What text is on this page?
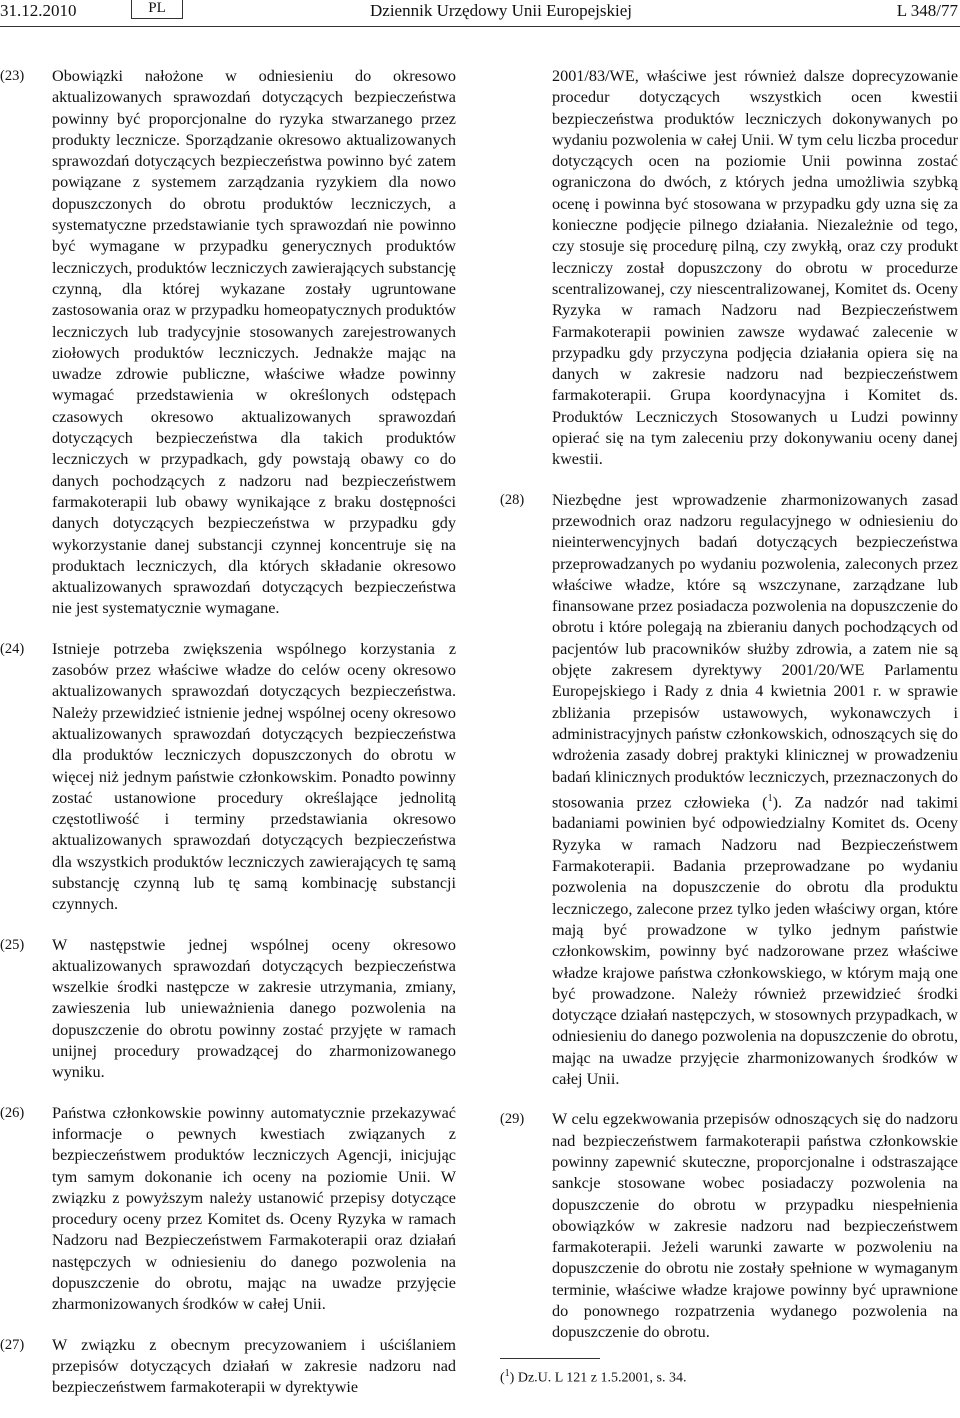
31.12.2010	PL	Dziennik Urzędowy Unii Europejskiej	L 348/77
(23) Obowiązki nałożone w odniesieniu do okresowo aktualizowanych sprawozdań dotyczących bezpieczeństwa powinny być proporcjonalne do ryzyka stwarzanego przez produkty lecznicze. Sporządzanie okresowo aktualizowanych sprawozdań dotyczących bezpieczeństwa powinno być zatem powiązane z systemem zarządzania ryzykiem dla nowo dopuszczonych do obrotu produktów leczniczych, a systematyczne przedstawianie tych sprawozdań nie powinno być wymagane w przypadku generycznych produktów leczniczych, produktów leczniczych zawierających substancję czynną, dla której wykazane zostały ugruntowane zastosowania oraz w przypadku homeopatycznych produktów leczniczych lub tradycyjnie stosowanych zarejestrowanych ziołowych produktów leczniczych. Jednakże mając na uwadze zdrowie publiczne, właściwe władze powinny wymagać przedstawienia w określonych odstępach czasowych okresowo aktualizowanych sprawozdań dotyczących bezpieczeństwa dla takich produktów leczniczych w przypadkach, gdy powstają obawy co do danych pochodzących z nadzoru nad bezpieczeństwem farmakoterapii lub obawy wynikające z braku dostępności danych dotyczących bezpieczeństwa w przypadku gdy wykorzystanie danej substancji czynnej koncentruje się na produktach leczniczych, dla których składanie okresowo aktualizowanych sprawozdań dotyczących bezpieczeństwa nie jest systematycznie wymagane.

(24) Istnieje potrzeba zwiększenia wspólnego korzystania z zasobów przez właściwe władze do celów oceny okresowo aktualizowanych sprawozdań dotyczących bezpieczeństwa. Należy przewidzieć istnienie jednej wspólnej oceny okresowo aktualizowanych sprawozdań dotyczących bezpieczeństwa dla produktów leczniczych dopuszczonych do obrotu w więcej niż jednym państwie członkowskim. Ponadto powinny zostać ustanowione procedury określające jednolitą częstotliwość i terminy przedstawiania okresowo aktualizowanych sprawozdań dotyczących bezpieczeństwa dla wszystkich produktów leczniczych zawierających tę samą substancję czynną lub tę samą kombinację substancji czynnych.

(25) W następstwie jednej wspólnej oceny okresowo aktualizowanych sprawozdań dotyczących bezpieczeństwa wszelkie środki następcze w zakresie utrzymania, zmiany, zawieszenia lub unieważnienia danego pozwolenia na dopuszczenie do obrotu powinny zostać przyjęte w ramach unijnej procedury prowadzącej do zharmonizowanego wyniku.

(26) Państwa członkowskie powinny automatycznie przekazywać informacje o pewnych kwestiach związanych z bezpieczeństwem produktów leczniczych Agencji, inicjując tym samym dokonanie ich oceny na poziomie Unii. W związku z powyższym należy ustanowić przepisy dotyczące procedury oceny przez Komitet ds. Oceny Ryzyka w ramach Nadzoru nad Bezpieczeństwem Farmakoterapii oraz działań następczych w odniesieniu do danego pozwolenia na dopuszczenie do obrotu, mając na uwadze przyjęcie zharmonizowanych środków w całej Unii.

(27) W związku z obecnym precyzowaniem i uściślaniem przepisów dotyczących działań w zakresie nadzoru nad bezpieczeństwem farmakoterapii w dyrektywie

2001/83/WE, właściwe jest również dalsze doprecyzowanie procedur dotyczących wszystkich ocen kwestii bezpieczeństwa produktów leczniczych dokonywanych po wydaniu pozwolenia w całej Unii. W tym celu liczba procedur dotyczących ocen na poziomie Unii powinna zostać ograniczona do dwóch, z których jedna umożliwia szybką ocenę i powinna być stosowana w przypadku gdy uzna się za konieczne podjęcie pilnego działania. Niezależnie od tego, czy stosuje się procedurę pilną, czy zwykłą, oraz czy produkt leczniczy został dopuszczony do obrotu w procedurze scentralizowanej, czy niescentralizowanej, Komitet ds. Oceny Ryzyka w ramach Nadzoru nad Bezpieczeństwem Farmakoterapii powinien zawsze wydawać zalecenie w przypadku gdy przyczyna podjęcia działania opiera się na danych w zakresie nadzoru nad bezpieczeństwem farmakoterapii. Grupa koordynacyjna i Komitet ds. Produktów Leczniczych Stosowanych u Ludzi powinny opierać się na tym zaleceniu przy dokonywaniu oceny danej kwestii.

(28) Niezbędne jest wprowadzenie zharmonizowanych zasad przewodnich oraz nadzoru regulacyjnego w odniesieniu do nieinterwencyjnych badań dotyczących bezpieczeństwa przeprowadzanych po wydaniu pozwolenia, zaleconych przez właściwe władze, które są wszczynane, zarządzane lub finansowane przez posiadacza pozwolenia na dopuszczenie do obrotu i które polegają na zbieraniu danych pochodzących od pacjentów lub pracowników służby zdrowia, a zatem nie są objęte zakresem dyrektywy 2001/20/WE Parlamentu Europejskiego i Rady z dnia 4 kwietnia 2001 r. w sprawie zbliżania przepisów ustawowych, wykonawczych i administracyjnych państw członkowskich, odnoszących się do wdrożenia zasady dobrej praktyki klinicznej w prowadzeniu badań klinicznych produktów leczniczych, przeznaczonych do stosowania przez człowieka ($^1$). Za nadzór nad takimi badaniami powinien być odpowiedzialny Komitet ds. Oceny Ryzyka w ramach Nadzoru nad Bezpieczeństwem Farmakoterapii. Badania przeprowadzane po wydaniu pozwolenia na dopuszczenie do obrotu dla produktu leczniczego, zalecone przez tylko jeden właściwy organ, które mają być prowadzone w tylko jednym państwie członkowskim, powinny być nadzorowane przez właściwe władze krajowe państwa członkowskiego, w którym mają one być prowadzone. Należy również przewidzieć środki dotyczące działań następczych, w stosownych przypadkach, w odniesieniu do danego pozwolenia na dopuszczenie do obrotu, mając na uwadze przyjęcie zharmonizowanych środków w całej Unii.

(29) W celu egzekwowania przepisów odnoszących się do nadzoru nad bezpieczeństwem farmakoterapii państwa członkowskie powinny zapewnić skuteczne, proporcjonalne i odstraszające sankcje stosowane wobec posiadaczy pozwolenia na dopuszczenie do obrotu w przypadku niespełnienia obowiązków w zakresie nadzoru nad bezpieczeństwem farmakoterapii. Jeżeli warunki zawarte w pozwoleniu na dopuszczenie do obrotu nie zostały spełnione w wymaganym terminie, właściwe władze krajowe powinny być uprawnione do ponownego rozpatrzenia wydanego pozwolenia na dopuszczenie do obrotu.

($^1$) Dz.U. L 121 z 1.5.2001, s. 34.
